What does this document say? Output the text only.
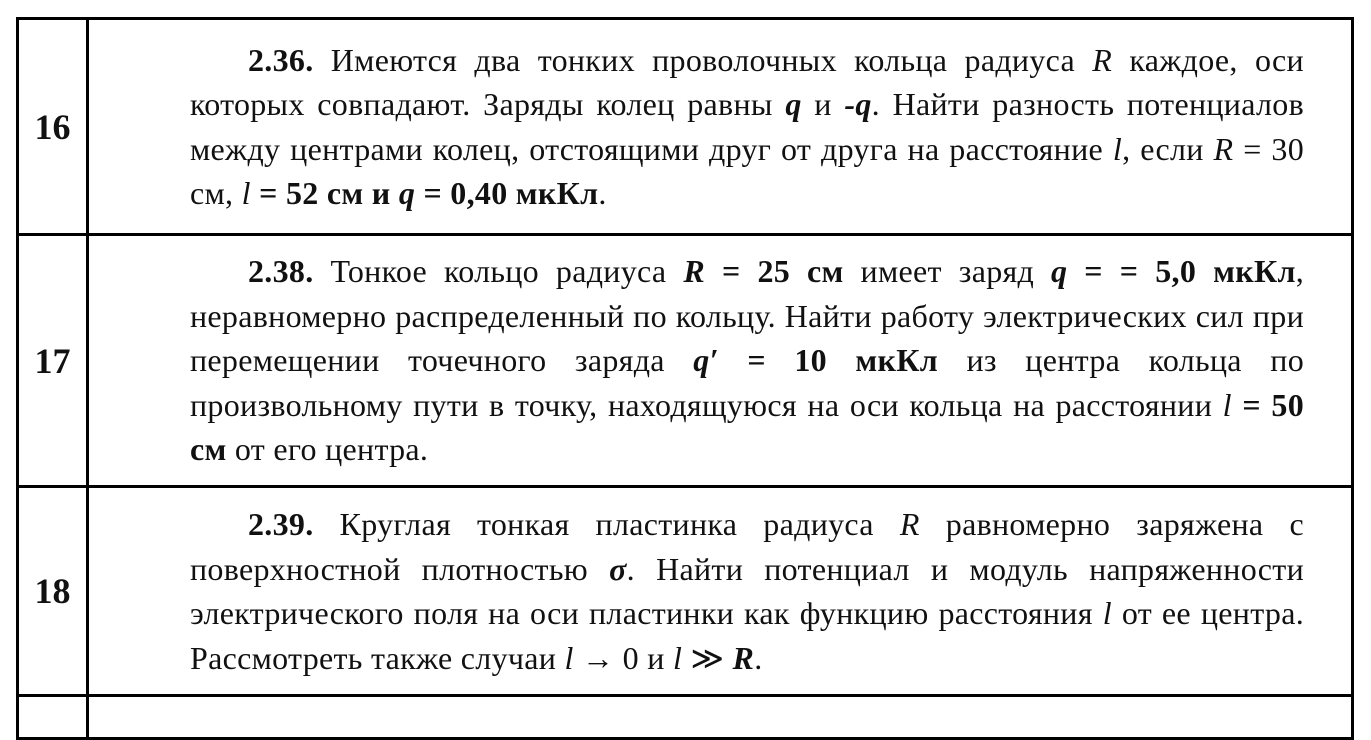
16	2.36. Имеются два тонких проволочных кольца радиуса R каждое, оси которых совпадают. Заряды колец равны q и -q. Найти разность потенциалов между центрами колец, отстоящими друг от друга на расстояние l, если R = 30 см, l = 52 см и q = 0,40 мкКл.

17	2.38. Тонкое кольцо радиуса R = 25 см имеет заряд q = = 5,0 мкКл, неравномерно распределенный по кольцу. Найти работу электрических сил при перемещении точечного заряда q′ = 10 мкКл из центра кольца по произвольному пути в точку, находящуюся на оси кольца на расстоянии l = 50 см от его центра.

18	2.39. Круглая тонкая пластинка радиуса R равномерно заряжена с поверхностной плотностью σ. Найти потенциал и модуль напряженности электрического поля на оси пластинки как функцию расстояния l от ее центра. Рассмотреть также случаи l → 0 и l ≫ R.
